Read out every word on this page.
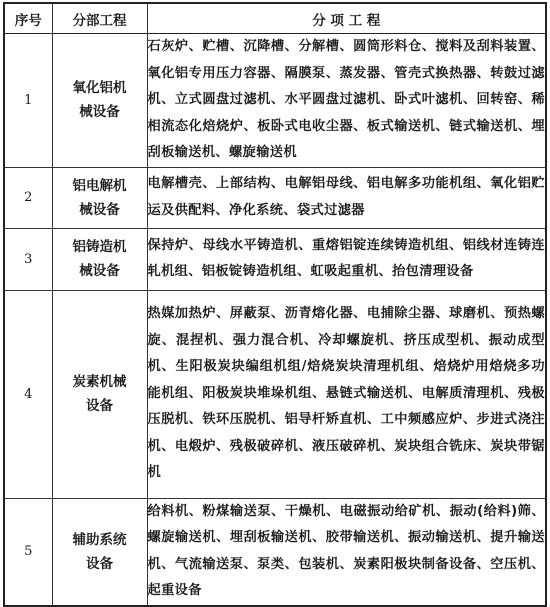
序号	分部工程	分 项 工 程
1	氧化铝机械设备	石灰炉、贮槽、沉降槽、分解槽、圆筒形料仓、搅料及刮料装置、氧化铝专用压力容器、隔膜泵、蒸发器、管壳式换热器、转鼓过滤机、立式圆盘过滤机、水平圆盘过滤机、卧式叶滤机、回转窑、稀相流态化焙烧炉、板卧式电收尘器、板式输送机、链式输送机、埋刮板输送机、螺旋输送机
2	铝电解机械设备	电解槽壳、上部结构、电解铝母线、铝电解多功能机组、氧化铝贮运及供配料、净化系统、袋式过滤器
3	铝铸造机械设备	保持炉、母线水平铸造机、重熔铝锭连续铸造机组、铝线材连铸连轧机组、铝板锭铸造机组、虹吸起重机、抬包清理设备
4	炭素机械设备	热媒加热炉、屏蔽泵、沥青熔化器、电捕除尘器、球磨机、预热螺旋、混捏机、强力混合机、冷却螺旋机、挤压成型机、振动成型机、生阳极炭块编组机组/焙烧炭块清理机组、焙烧炉用焙烧多功能机组、阳极炭块堆垛机组、悬链式输送机、电解质清理机、残极压脱机、铁环压脱机、铝导杆矫直机、工中频感应炉、步进式浇注机、电煅炉、残极破碎机、液压破碎机、炭块组合铣床、炭块带锯机
5	辅助系统设备	给料机、粉煤输送泵、干燥机、电磁振动给矿机、振动(给料)筛、螺旋输送机、埋刮板输送机、胶带输送机、振动输送机、提升输送机、气流输送泵、泵类、包装机、炭素阳极块制备设备、空压机、起重设备
